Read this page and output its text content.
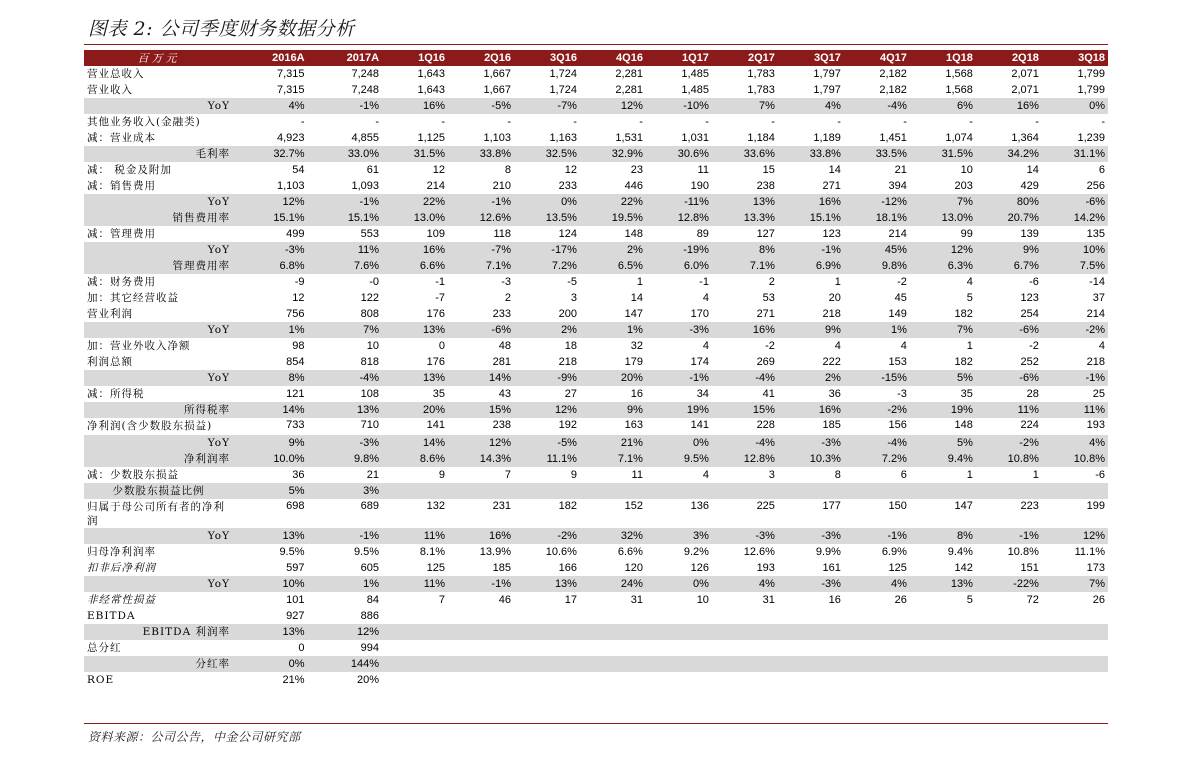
图表 2: 公司季度财务数据分析
百万元	2016A	2017A	1Q16	2Q16	3Q16	4Q16	1Q17	2Q17	3Q17	4Q17	1Q18	2Q18	3Q18
营业总收入	7,315	7,248	1,643	1,667	1,724	2,281	1,485	1,783	1,797	2,182	1,568	2,071	1,799
营业收入	7,315	7,248	1,643	1,667	1,724	2,281	1,485	1,783	1,797	2,182	1,568	2,071	1,799
YoY	4%	-1%	16%	-5%	-7%	12%	-10%	7%	4%	-4%	6%	16%	0%
其他业务收入(金融类)	-	-	-	-	-	-	-	-	-	-	-	-	-
减：营业成本	4,923	4,855	1,125	1,103	1,163	1,531	1,031	1,184	1,189	1,451	1,074	1,364	1,239
毛利率	32.7%	33.0%	31.5%	33.8%	32.5%	32.9%	30.6%	33.6%	33.8%	33.5%	31.5%	34.2%	31.1%
减： 税金及附加	54	61	12	8	12	23	11	15	14	21	10	14	6
减：销售费用	1,103	1,093	214	210	233	446	190	238	271	394	203	429	256
YoY	12%	-1%	22%	-1%	0%	22%	-11%	13%	16%	-12%	7%	80%	-6%
销售费用率	15.1%	15.1%	13.0%	12.6%	13.5%	19.5%	12.8%	13.3%	15.1%	18.1%	13.0%	20.7%	14.2%
减：管理费用	499	553	109	118	124	148	89	127	123	214	99	139	135
YoY	-3%	11%	16%	-7%	-17%	2%	-19%	8%	-1%	45%	12%	9%	10%
管理费用率	6.8%	7.6%	6.6%	7.1%	7.2%	6.5%	6.0%	7.1%	6.9%	9.8%	6.3%	6.7%	7.5%
减：财务费用	-9	-0	-1	-3	-5	1	-1	2	1	-2	4	-6	-14
加：其它经营收益	12	122	-7	2	3	14	4	53	20	45	5	123	37
营业利润	756	808	176	233	200	147	170	271	218	149	182	254	214
YoY	1%	7%	13%	-6%	2%	1%	-3%	16%	9%	1%	7%	-6%	-2%
加：营业外收入净额	98	10	0	48	18	32	4	-2	4	4	1	-2	4
利润总额	854	818	176	281	218	179	174	269	222	153	182	252	218
YoY	8%	-4%	13%	14%	-9%	20%	-1%	-4%	2%	-15%	5%	-6%	-1%
减：所得税	121	108	35	43	27	16	34	41	36	-3	35	28	25
所得税率	14%	13%	20%	15%	12%	9%	19%	15%	16%	-2%	19%	11%	11%
净利润(含少数股东损益)	733	710	141	238	192	163	141	228	185	156	148	224	193
YoY	9%	-3%	14%	12%	-5%	21%	0%	-4%	-3%	-4%	5%	-2%	4%
净利润率	10.0%	9.8%	8.6%	14.3%	11.1%	7.1%	9.5%	12.8%	10.3%	7.2%	9.4%	10.8%	10.8%
减：少数股东损益	36	21	9	7	9	11	4	3	8	6	1	1	-6
少数股东损益比例	5%	3%											
归属于母公司所有者的净利润	698	689	132	231	182	152	136	225	177	150	147	223	199
YoY	13%	-1%	11%	16%	-2%	32%	3%	-3%	-3%	-1%	8%	-1%	12%
归母净利润率	9.5%	9.5%	8.1%	13.9%	10.6%	6.6%	9.2%	12.6%	9.9%	6.9%	9.4%	10.8%	11.1%
扣非后净利润	597	605	125	185	166	120	126	193	161	125	142	151	173
YoY	10%	1%	11%	-1%	13%	24%	0%	4%	-3%	4%	13%	-22%	7%
非经常性损益	101	84	7	46	17	31	10	31	16	26	5	72	26
EBITDA	927	886											
EBITDA 利润率	13%	12%											
总分红	0	994											
分红率	0%	144%											
ROE	21%	20%											
资料来源：公司公告，中金公司研究部
